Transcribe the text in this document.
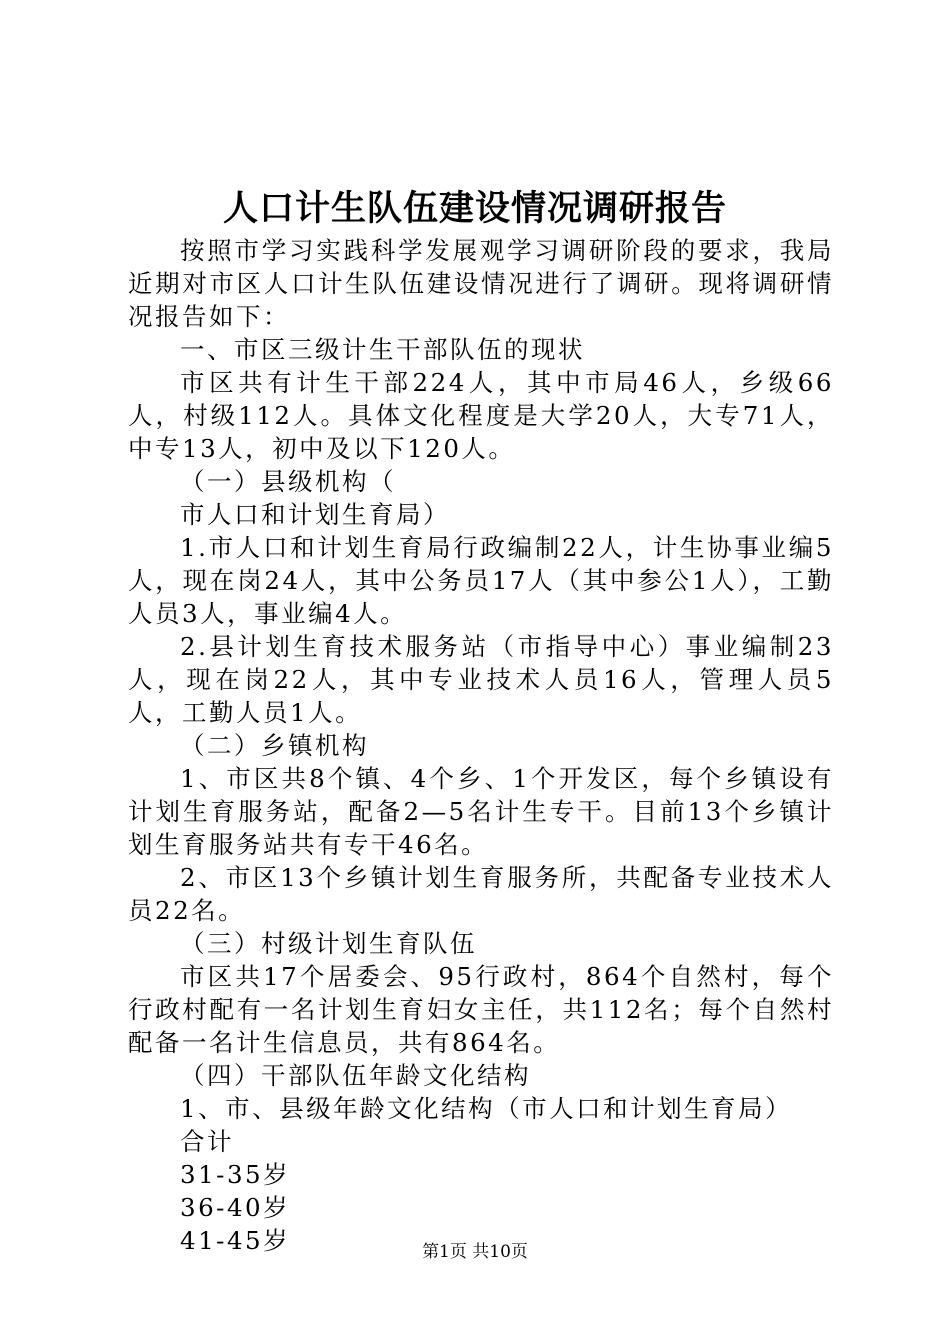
人口计生队伍建设情况调研报告

按照市学习实践科学发展观学习调研阶段的要求，我局近期对市区人口计生队伍建设情况进行了调研。现将调研情况报告如下：

一、市区三级计生干部队伍的现状

市区共有计生干部224人，其中市局46人，乡级66人，村级112人。具体文化程度是大学20人，大专71人，中专13人，初中及以下120人。

（一）县级机构（

市人口和计划生育局）

1.市人口和计划生育局行政编制22人，计生协事业编5人，现在岗24人，其中公务员17人（其中参公1人），工勤人员3人，事业编4人。

2.县计划生育技术服务站（市指导中心）事业编制23人，现在岗22人，其中专业技术人员16人，管理人员5人，工勤人员1人。

（二）乡镇机构

1、市区共8个镇、4个乡、1个开发区，每个乡镇设有计划生育服务站，配备2—5名计生专干。目前13个乡镇计划生育服务站共有专干46名。

2、市区13个乡镇计划生育服务所，共配备专业技术人员22名。

（三）村级计划生育队伍

市区共17个居委会、95行政村，864个自然村，每个行政村配有一名计划生育妇女主任，共112名；每个自然村配备一名计生信息员，共有864名。

（四）干部队伍年龄文化结构

1、市、县级年龄文化结构（市人口和计划生育局）

合计

31-35岁

36-40岁

41-45岁	第1页 共10页
